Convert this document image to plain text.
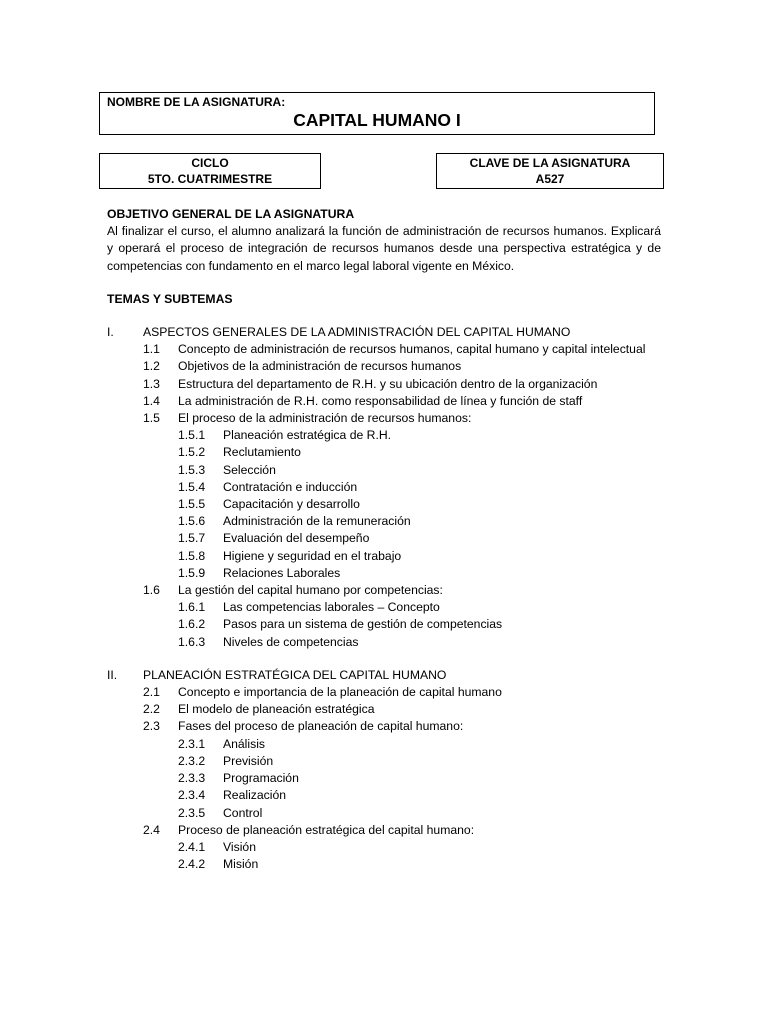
NOMBRE DE LA ASIGNATURA:
CAPITAL HUMANO I
CICLO
5TO. CUATRIMESTRE
CLAVE DE LA ASIGNATURA
A527
OBJETIVO GENERAL DE LA ASIGNATURA
Al finalizar el curso, el alumno analizará la función de administración de recursos humanos. Explicará y operará el proceso de integración de recursos humanos desde una perspectiva estratégica y de competencias con fundamento en el marco legal laboral vigente en México.
TEMAS Y SUBTEMAS
I.	ASPECTOS GENERALES DE LA ADMINISTRACIÓN DEL CAPITAL HUMANO
1.1	Concepto de administración de recursos humanos, capital humano y capital intelectual
1.2	Objetivos de la administración de recursos humanos
1.3	Estructura del departamento de R.H. y su ubicación dentro de la organización
1.4	La administración de R.H. como responsabilidad de línea y función de staff
1.5	El proceso de la administración de recursos humanos:
1.5.1	Planeación estratégica de R.H.
1.5.2	Reclutamiento
1.5.3	Selección
1.5.4	Contratación e inducción
1.5.5	Capacitación y desarrollo
1.5.6	Administración de la remuneración
1.5.7	Evaluación del desempeño
1.5.8	Higiene y seguridad en el trabajo
1.5.9	Relaciones Laborales
1.6	La gestión del capital humano por competencias:
1.6.1	Las competencias laborales – Concepto
1.6.2	Pasos para un sistema de gestión de competencias
1.6.3	Niveles de competencias
II.	PLANEACIÓN ESTRATÉGICA DEL CAPITAL HUMANO
2.1	Concepto e importancia de la planeación de capital humano
2.2	El modelo de planeación estratégica
2.3	Fases del proceso de planeación de capital humano:
2.3.1	Análisis
2.3.2	Previsión
2.3.3	Programación
2.3.4	Realización
2.3.5	Control
2.4	Proceso de planeación estratégica del capital humano:
2.4.1	Visión
2.4.2	Misión
